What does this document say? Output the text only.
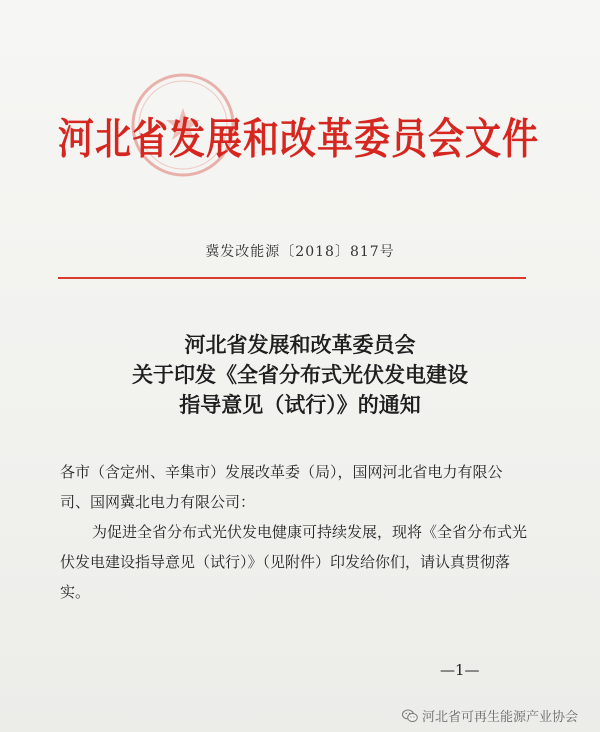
河北省发展和改革委员会文件
冀发改能源〔2018〕817号
河北省发展和改革委员会
关于印发《全省分布式光伏发电建设
指导意见（试行）》的通知

各市（含定州、辛集市）发展改革委（局），国网河北省电力有限公司、国网冀北电力有限公司：

为促进全省分布式光伏发电健康可持续发展，现将《全省分布式光伏发电建设指导意见（试行）》（见附件）印发给你们，请认真贯彻落实。

—1—
河北省可再生能源产业协会
